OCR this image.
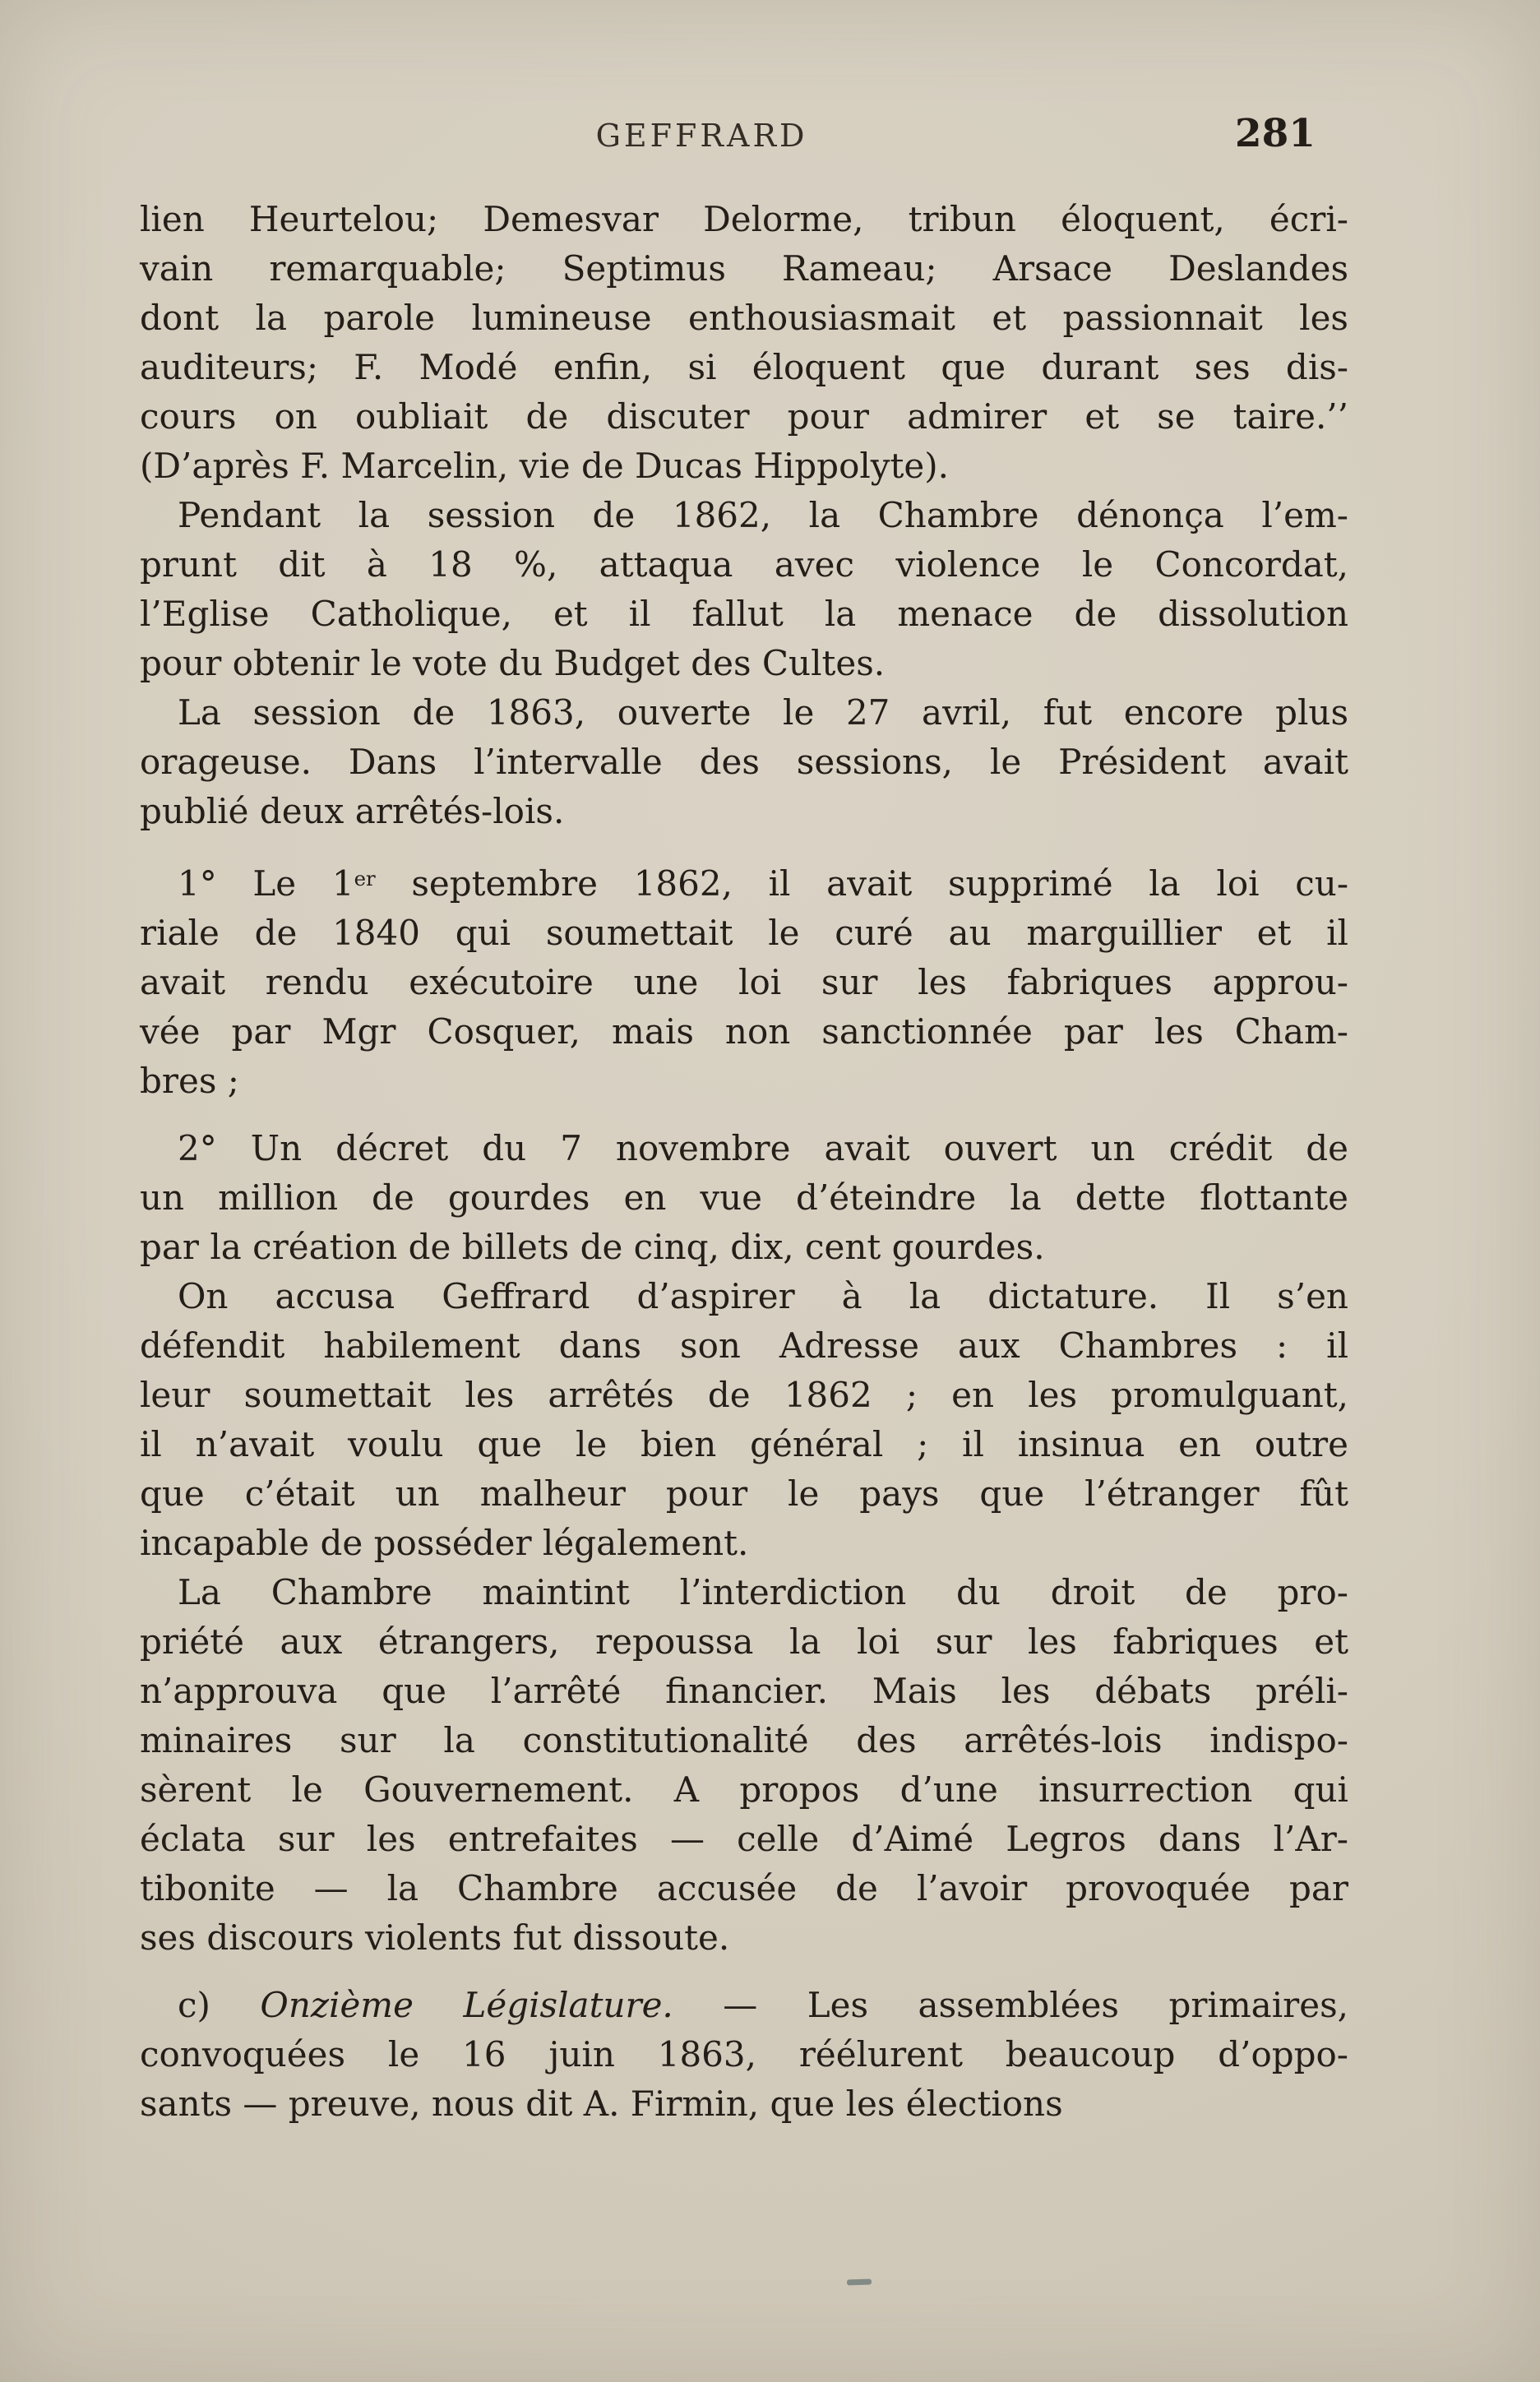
GEFFRARD	281
lien Heurtelou; Demesvar Delorme, tribun éloquent, écri-
vain remarquable; Septimus Rameau; Arsace Deslandes
dont la parole lumineuse enthousiasmait et passionnait les
auditeurs; F. Modé enfin, si éloquent que durant ses dis-
cours on oubliait de discuter pour admirer et se taire.’’
(D’après F. Marcelin, vie de Ducas Hippolyte).
Pendant la session de 1862, la Chambre dénonça l’em-
prunt dit à 18 %, attaqua avec violence le Concordat,
l’Eglise Catholique, et il fallut la menace de dissolution
pour obtenir le vote du Budget des Cultes.
La session de 1863, ouverte le 27 avril, fut encore plus
orageuse. Dans l’intervalle des sessions, le Président avait
publié deux arrêtés-lois.
1° Le 1er septembre 1862, il avait supprimé la loi cu-
riale de 1840 qui soumettait le curé au marguillier et il
avait rendu exécutoire une loi sur les fabriques approu-
vée par Mgr Cosquer, mais non sanctionnée par les Cham-
bres ;
2° Un décret du 7 novembre avait ouvert un crédit de
un million de gourdes en vue d’éteindre la dette flottante
par la création de billets de cinq, dix, cent gourdes.
On accusa Geffrard d’aspirer à la dictature. Il s’en
défendit habilement dans son Adresse aux Chambres : il
leur soumettait les arrêtés de 1862 ; en les promulguant,
il n’avait voulu que le bien général ; il insinua en outre
que c’était un malheur pour le pays que l’étranger fût
incapable de posséder légalement.
La Chambre maintint l’interdiction du droit de pro-
priété aux étrangers, repoussa la loi sur les fabriques et
n’approuva que l’arrêté financier. Mais les débats préli-
minaires sur la constitutionalité des arrêtés-lois indispo-
sèrent le Gouvernement. A propos d’une insurrection qui
éclata sur les entrefaites — celle d’Aimé Legros dans l’Ar-
tibonite — la Chambre accusée de l’avoir provoquée par
ses discours violents fut dissoute.
c) Onzième Législature. — Les assemblées primaires,
convoquées le 16 juin 1863, réélurent beaucoup d’oppo-
sants — preuve, nous dit A. Firmin, que les élections
